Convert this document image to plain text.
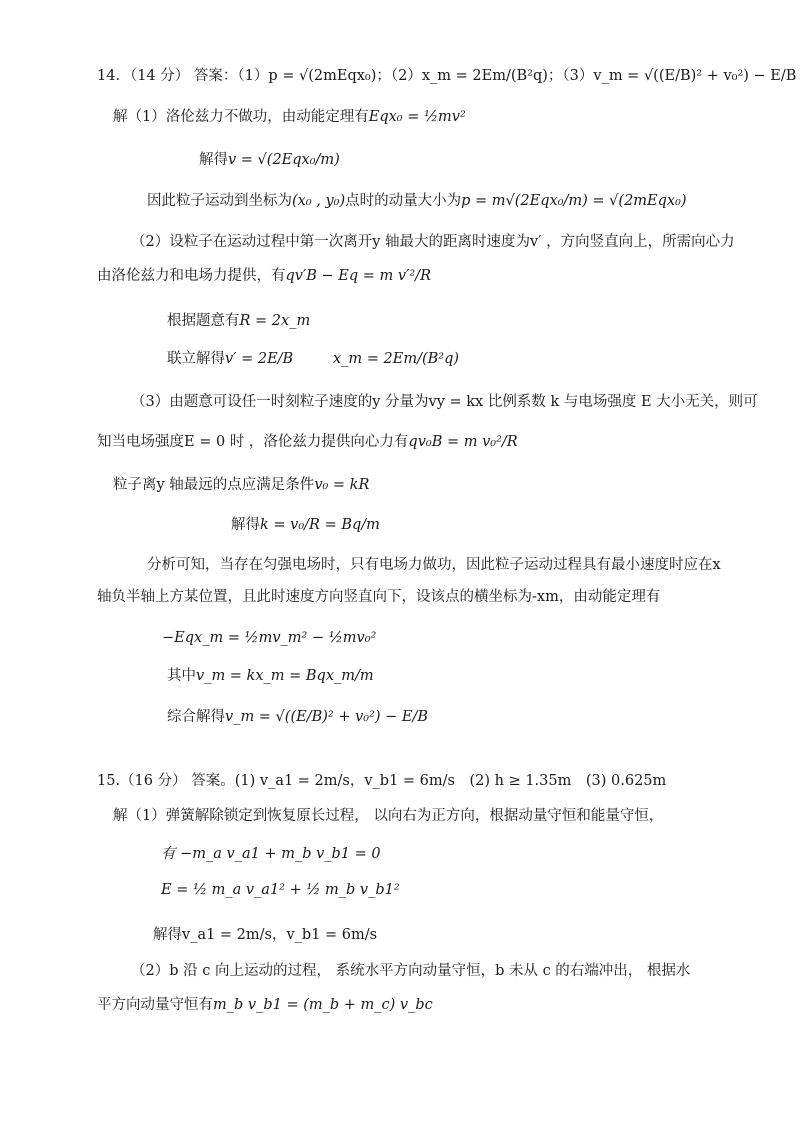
14．（14 分） 答案：（1）p = √(2mEqx₀)；（2）x_m = 2Em/(B²q)；（3）v_m = √((E/B)² + v₀²) − E/B
解（1）洛伦兹力不做功，由动能定理有Eqx₀ = ½mv²
解得v = √(2Eqx₀/m)
因此粒子运动到坐标为(x₀ , y₀)点时的动量大小为p = m√(2Eqx₀/m) = √(2mEqx₀)
（2）设粒子在运动过程中第一次离开y 轴最大的距离时速度为v′ ，方向竖直向上，所需向心力
由洛伦兹力和电场力提供，有qv′B − Eq = m v′²/R
根据题意有R = 2x_m
联立解得v′ = 2E/B	x_m = 2Em/(B²q)
（3）由题意可设任一时刻粒子速度的y 分量为vy = kx 比例系数 k 与电场强度 E 大小无关，则可
知当电场强度E = 0 时 ，洛伦兹力提供向心力有qv₀B = m v₀²/R
粒子离y 轴最远的点应满足条件v₀ = kR
解得k = v₀/R = Bq/m
分析可知，当存在匀强电场时，只有电场力做功，因此粒子运动过程具有最小速度时应在x
轴负半轴上方某位置，且此时速度方向竖直向下，设该点的横坐标为-xm，由动能定理有
−Eqx_m = ½mv_m² − ½mv₀²
其中v_m = kx_m = Bqx_m/m
综合解得v_m = √((E/B)² + v₀²) − E/B
15.（16 分） 答案。(1) v_a1 = 2m/s，v_b1 = 6m/s　(2) h ≥ 1.35m　(3) 0.625m
解（1）弹簧解除锁定到恢复原长过程， 以向右为正方向，根据动量守恒和能量守恒，
有 −m_a v_a1 + m_b v_b1 = 0
E = ½ m_a v_a1² + ½ m_b v_b1²
解得v_a1 = 2m/s，v_b1 = 6m/s
（2）b 沿 c 向上运动的过程， 系统水平方向动量守恒，b 未从 c 的右端冲出， 根据水
平方向动量守恒有m_b v_b1 = (m_b + m_c) v_bc
